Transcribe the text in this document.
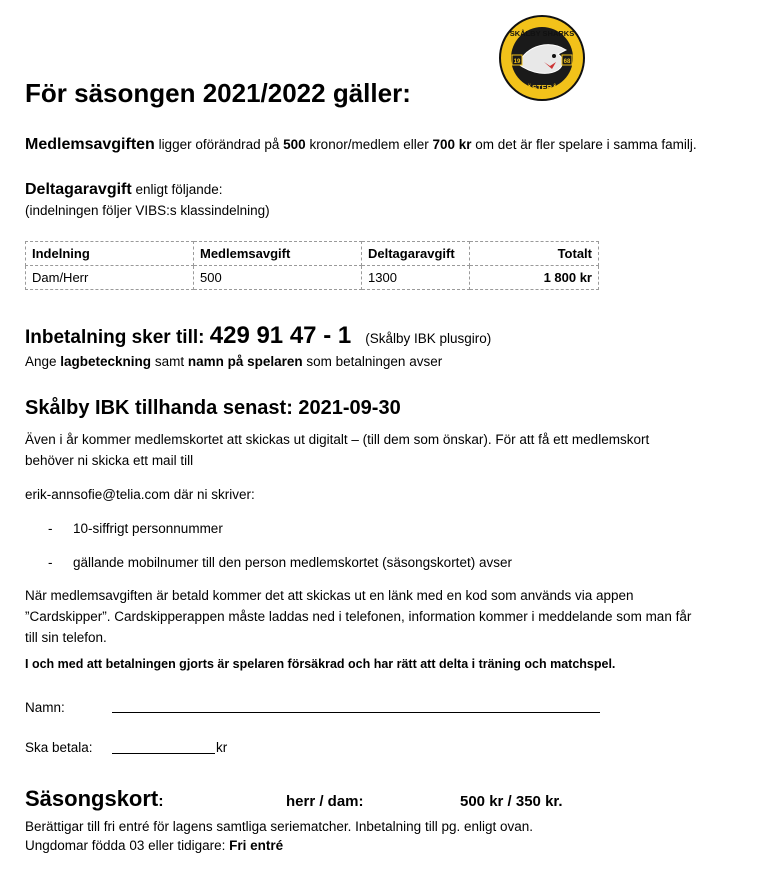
19	68
SKÅLBY SHARKS
VÄSTERÅS
För säsongen 2021/2022 gäller:
Medlemsavgiften ligger oförändrad på 500 kronor/medlem eller 700 kr om det är fler spelare i samma familj.
Deltagaravgift enligt följande:
(indelningen följer VIBS:s klassindelning)
Indelning	Medlemsavgift	Deltagaravgift	Totalt
Dam/Herr	500	1300	1 800 kr
Inbetalning sker till: 429 91 47 - 1 (Skålby IBK plusgiro)
Ange lagbeteckning samt namn på spelaren som betalningen avser
Skålby IBK tillhanda senast: 2021-09-30
Även i år kommer medlemskortet att skickas ut digitalt – (till dem som önskar). För att få ett medlemskort
behöver ni skicka ett mail till
erik-annsofie@telia.com där ni skriver:
- 10-siffrigt personnummer
- gällande mobilnumer till den person medlemskortet (säsongskortet) avser
När medlemsavgiften är betald kommer det att skickas ut en länk med en kod som används via appen
”Cardskipper”. Cardskipperappen måste laddas ned i telefonen, information kommer i meddelande som man får
till sin telefon.
I och med att betalningen gjorts är spelaren försäkrad och har rätt att delta i träning och matchspel.
Namn:
Ska betala:	kr
Säsongskort:	herr / dam:	500 kr / 350 kr.
Berättigar till fri entré för lagens samtliga seriematcher. Inbetalning till pg. enligt ovan.
Ungdomar födda 03 eller tidigare: Fri entré
